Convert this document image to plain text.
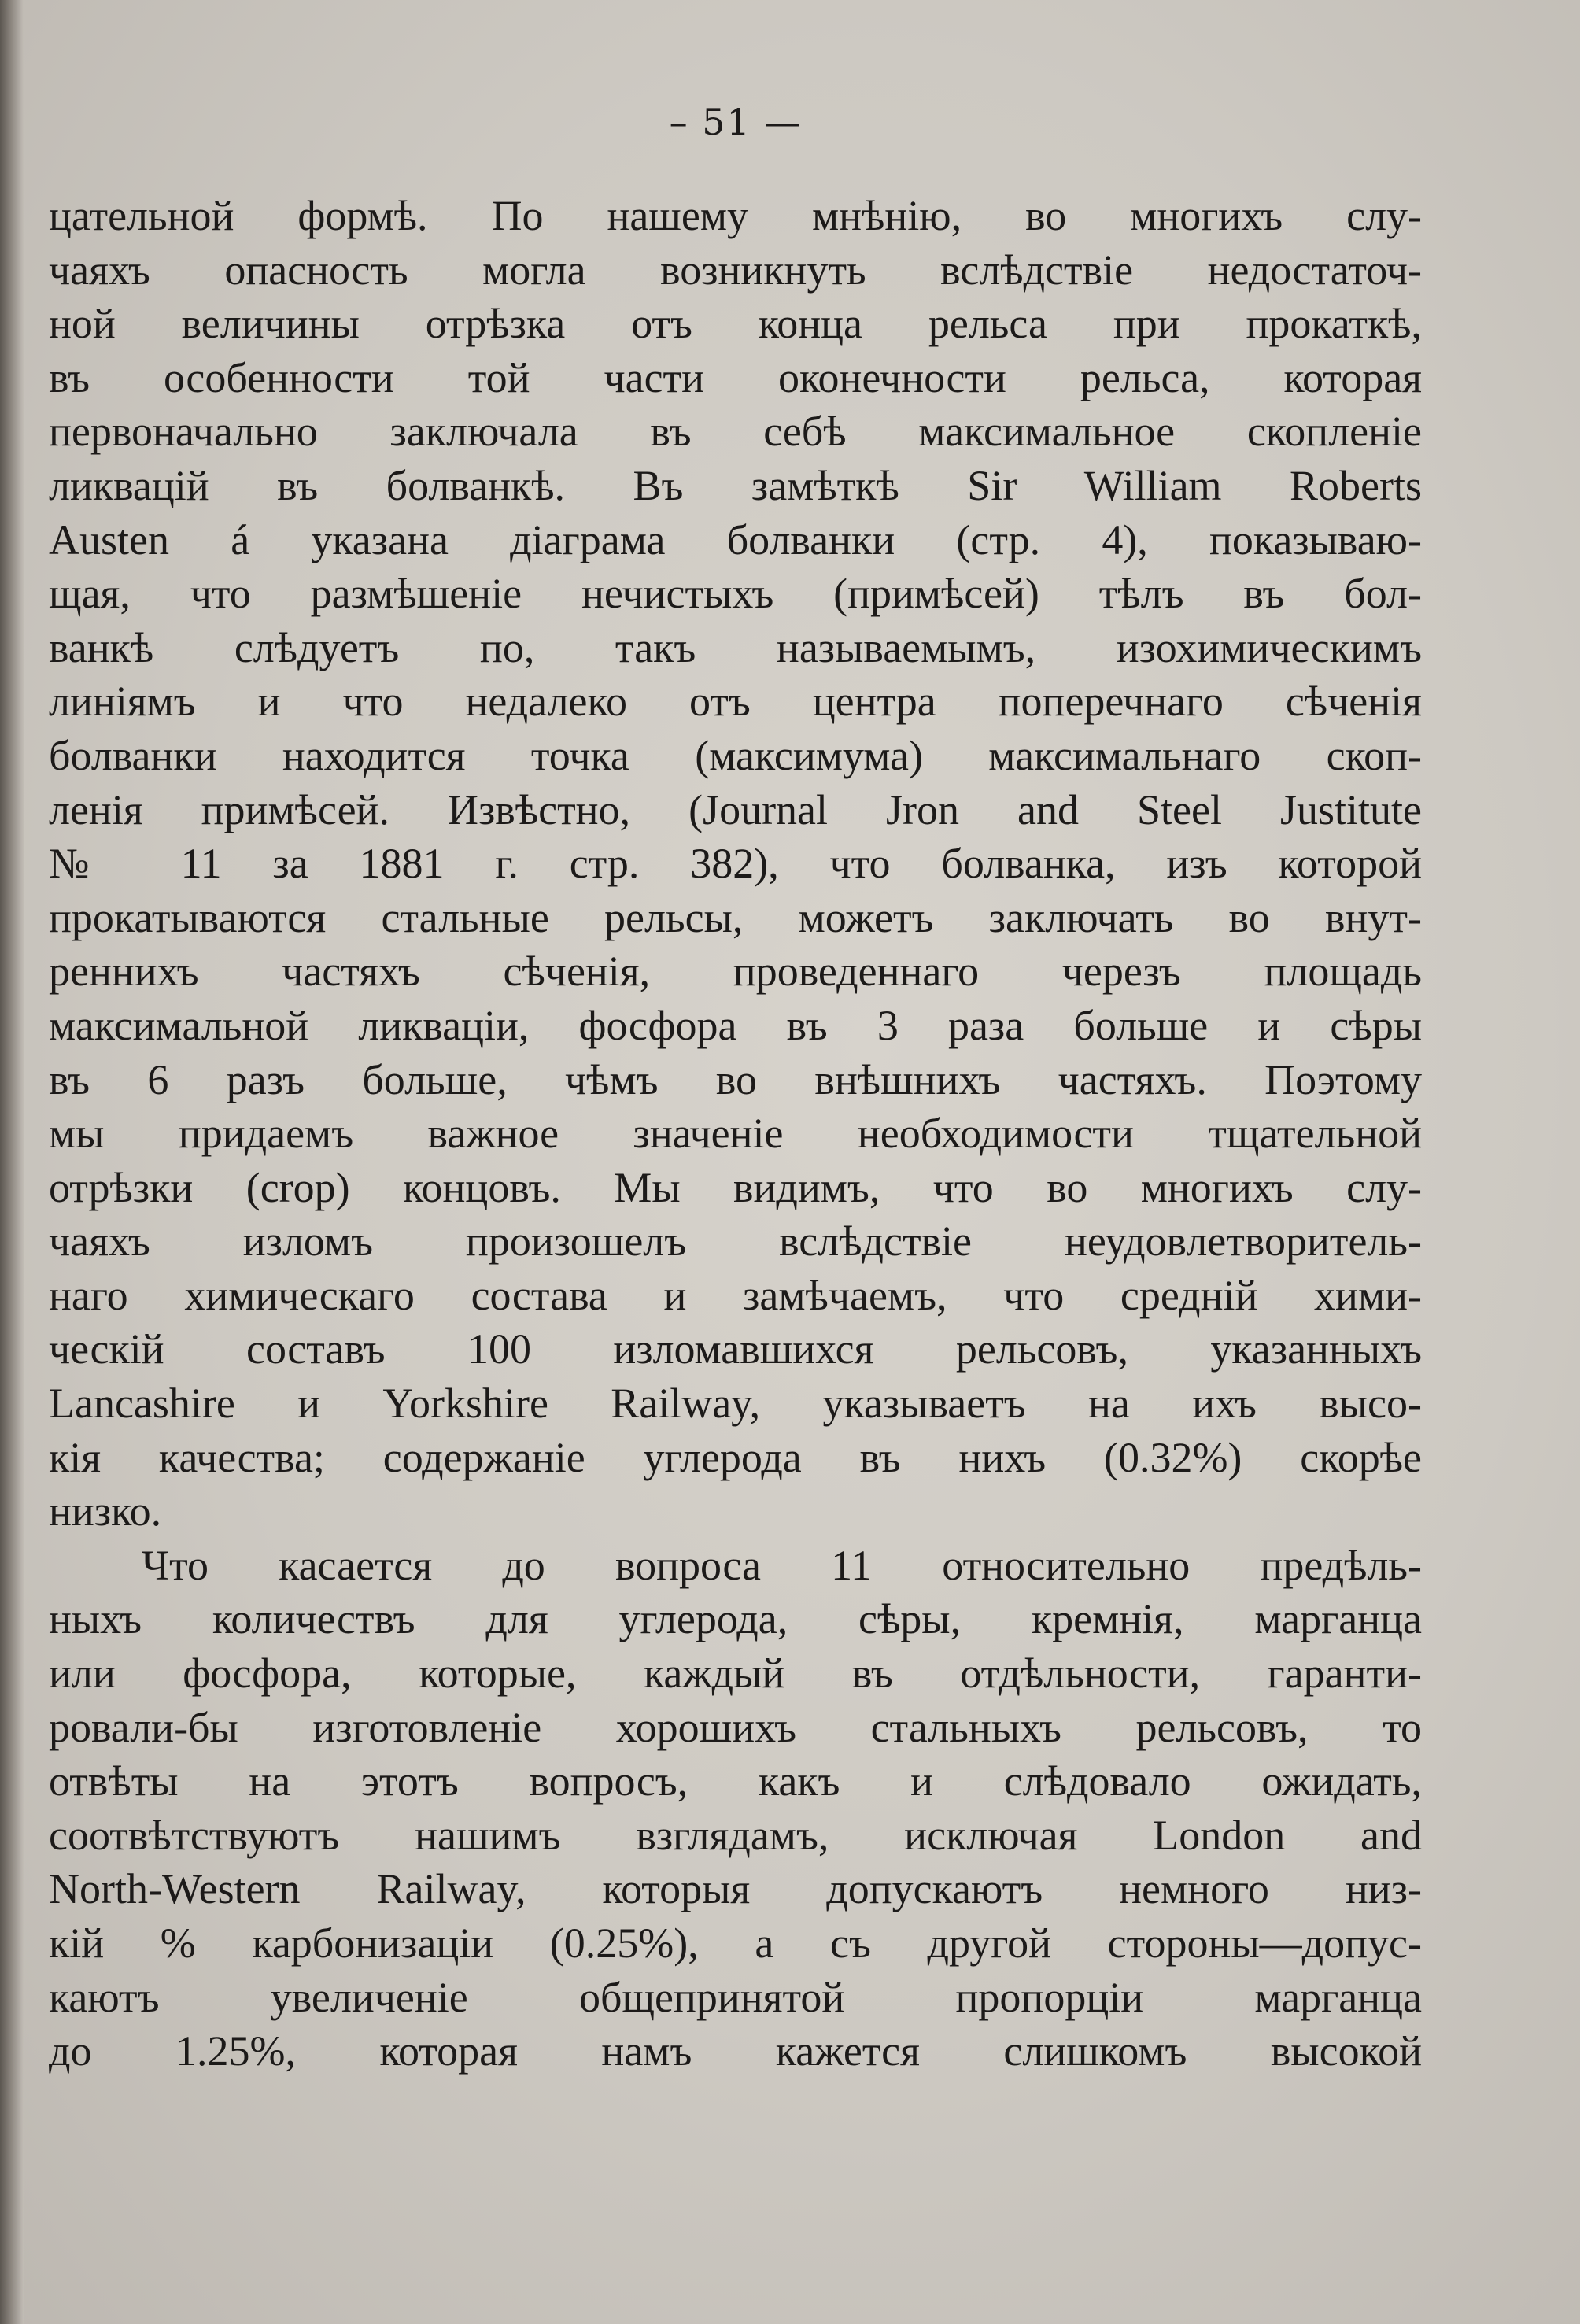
– 51 —
цательной формѣ. По нашему мнѣнію, во многихъ слу-
чаяхъ опасность могла возникнуть вслѣдствіе недостаточ-
ной величины отрѣзка отъ конца рельса при прокаткѣ,
въ особенности той части оконечности рельса, которая
первоначально заключала въ себѣ максимальное скопленіе
ликвацій въ болванкѣ. Въ замѣткѣ Sir William Roberts
Austen á указана діаграма болванки (стр. 4), показываю-
щая, что размѣшеніе нечистыхъ (примѣсей) тѣлъ въ бол-
ванкѣ слѣдуетъ по, такъ называемымъ, изохимическимъ
линіямъ и что недалеко отъ центра поперечнаго сѣченія
болванки находится точка (максимума) максимальнаго скоп-
ленія примѣсей. Извѣстно, (Journal Jron and Steel Justitute
№ 11 за 1881 г. стр. 382), что болванка, изъ которой
прокатываются стальные рельсы, можетъ заключать во внут-
реннихъ частяхъ сѣченія, проведеннаго черезъ площадь
максимальной ликваціи, фосфора въ 3 раза больше и сѣры
въ 6 разъ больше, чѣмъ во внѣшнихъ частяхъ. Поэтому
мы придаемъ важное значеніе необходимости тщательной
отрѣзки (crop) концовъ. Мы видимъ, что во многихъ слу-
чаяхъ изломъ произошелъ вслѣдствіе неудовлетворитель-
наго химическаго состава и замѣчаемъ, что средній хими-
ческій составъ 100 изломавшихся рельсовъ, указанныхъ
Lancashire и Yorkshire Railway, указываетъ на ихъ высо-
кія качества; содержаніе углерода въ нихъ (0.32%) скорѣе
низко.
Что касается до вопроса 11 относительно предѣль-
ныхъ количествъ для углерода, сѣры, кремнія, марганца
или фосфора, которые, каждый въ отдѣльности, гаранти-
ровали-бы изготовленіе хорошихъ стальныхъ рельсовъ, то
отвѣты на этотъ вопросъ, какъ и слѣдовало ожидать,
соотвѣтствуютъ нашимъ взглядамъ, исключая London and
North-Western Railway, которыя допускаютъ немного низ-
кій % карбонизаціи (0.25%), а съ другой стороны—допус-
каютъ увеличеніе общепринятой пропорціи марганца
до 1.25%, которая намъ кажется слишкомъ высокой
